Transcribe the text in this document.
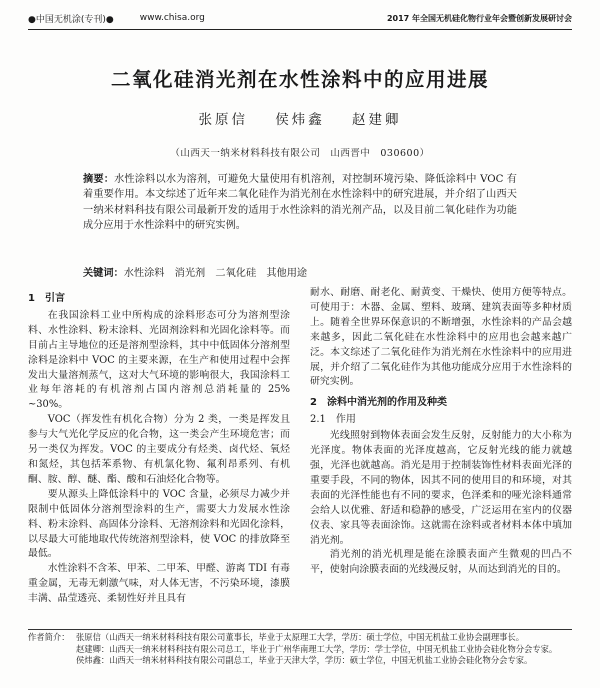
●中国无机涂(专刊)●	www.chisa.org	2017 年全国无机硅化物行业年会暨创新发展研讨会
二氧化硅消光剂在水性涂料中的应用进展
张原信 侯炜鑫 赵建卿
（山西天一纳米材料科技有限公司　山西晋中　030600）
摘要：水性涂料以水为溶剂，可避免大量使用有机溶剂，对控制环境污染、降低涂料中 VOC 有着重要作用。本文综述了近年来二氧化硅作为消光剂在水性涂料中的研究进展，并介绍了山西天一纳米材料科技有限公司最新开发的适用于水性涂料的消光剂产品，以及目前二氧化硅作为功能成分应用于水性涂料中的研究实例。
关键词：水性涂料　消光剂　二氧化硅　其他用途
1　引言

在我国涂料工业中所构成的涂料形态可分为溶剂型涂料、水性涂料、粉末涂料、光固剂涂料和光固化涂料等。而目前占主导地位的还是溶剂型涂料，其中中低固体分溶剂型涂料是涂料中 VOC 的主要来源，在生产和使用过程中会挥发出大量溶剂蒸气，这对大气环境的影响很大，我国涂料工业每年溶耗的有机溶剂占国内溶剂总消耗量的 25% ~30%。

VOC（挥发性有机化合物）分为 2 类，一类是挥发且参与大气光化学反应的化合物，这一类会产生环境危害；而另一类仅为挥发。VOC 的主要成分有烃类、卤代烃、氧烃和氮烃，其包括苯系物、有机氯化物、氟利昂系列、有机酮、胺、醇、醚、酯、酸和石油烃化合物等。

要从源头上降低涂料中的 VOC 含量，必须尽力减少并限制中低固体分溶剂型涂料的生产，需要大力发展水性涂料、粉末涂料、高固体分涂料、无溶剂涂料和光固化涂料，以尽最大可能地取代传统溶剂型涂料，使 VOC 的排放降至最低。

水性涂料不含苯、甲苯、二甲苯、甲醛、游离 TDI 有毒重金属，无毒无刺激气味，对人体无害，不污染环境，漆膜丰满、晶莹透亮、柔韧性好并且具有

耐水、耐磨、耐老化、耐黄变、干燥快、使用方便等特点。可使用于：木器、金属、塑料、玻璃、建筑表面等多种材质上。随着全世界环保意识的不断增强，水性涂料的产品会越来越多，因此二氧化硅在水性涂料中的应用也会越来越广泛。本文综述了二氧化硅作为消光剂在水性涂料中的应用进展，并介绍了二氧化硅作为其他功能成分应用于水性涂料的研究实例。

2　涂料中消光剂的作用及种类
2.1　作用

光线照射到物体表面会发生反射，反射能力的大小称为光泽度。物体表面的光泽度越高，它反射光线的能力就越强，光泽也就越高。消光是用于控制装饰性材料表面光泽的重要手段，不同的物体，因其不同的使用目的和环境，对其表面的光泽性能也有不同的要求，色泽柔和的哑光涂料通常会给人以优雅、舒适和稳静的感受，广泛运用在室内的仪器仪表、家具等表面涂饰。这就需在涂料或者材料本体中填加消光剂。

消光剂的消光机理是能在涂膜表面产生微观的凹凸不平，使射向涂膜表面的光线漫反射，从而达到消光的目的。

作者简介： 张原信（山西天一纳米材料科技有限公司董事长，毕业于太原理工大学，学历：硕士学位，中国无机盐工业协会副理事长。
赵建卿：山西天一纳米材料科技有限公司总工，毕业于广州华南理工大学，学历：学士学位，中国无机盐工业协会硅化物分会专家。
侯炜鑫：山西天一纳米材料科技有限公司副总工，毕业于天津大学，学历：硕士学位，中国无机盐工业协会硅化物分会专家。
